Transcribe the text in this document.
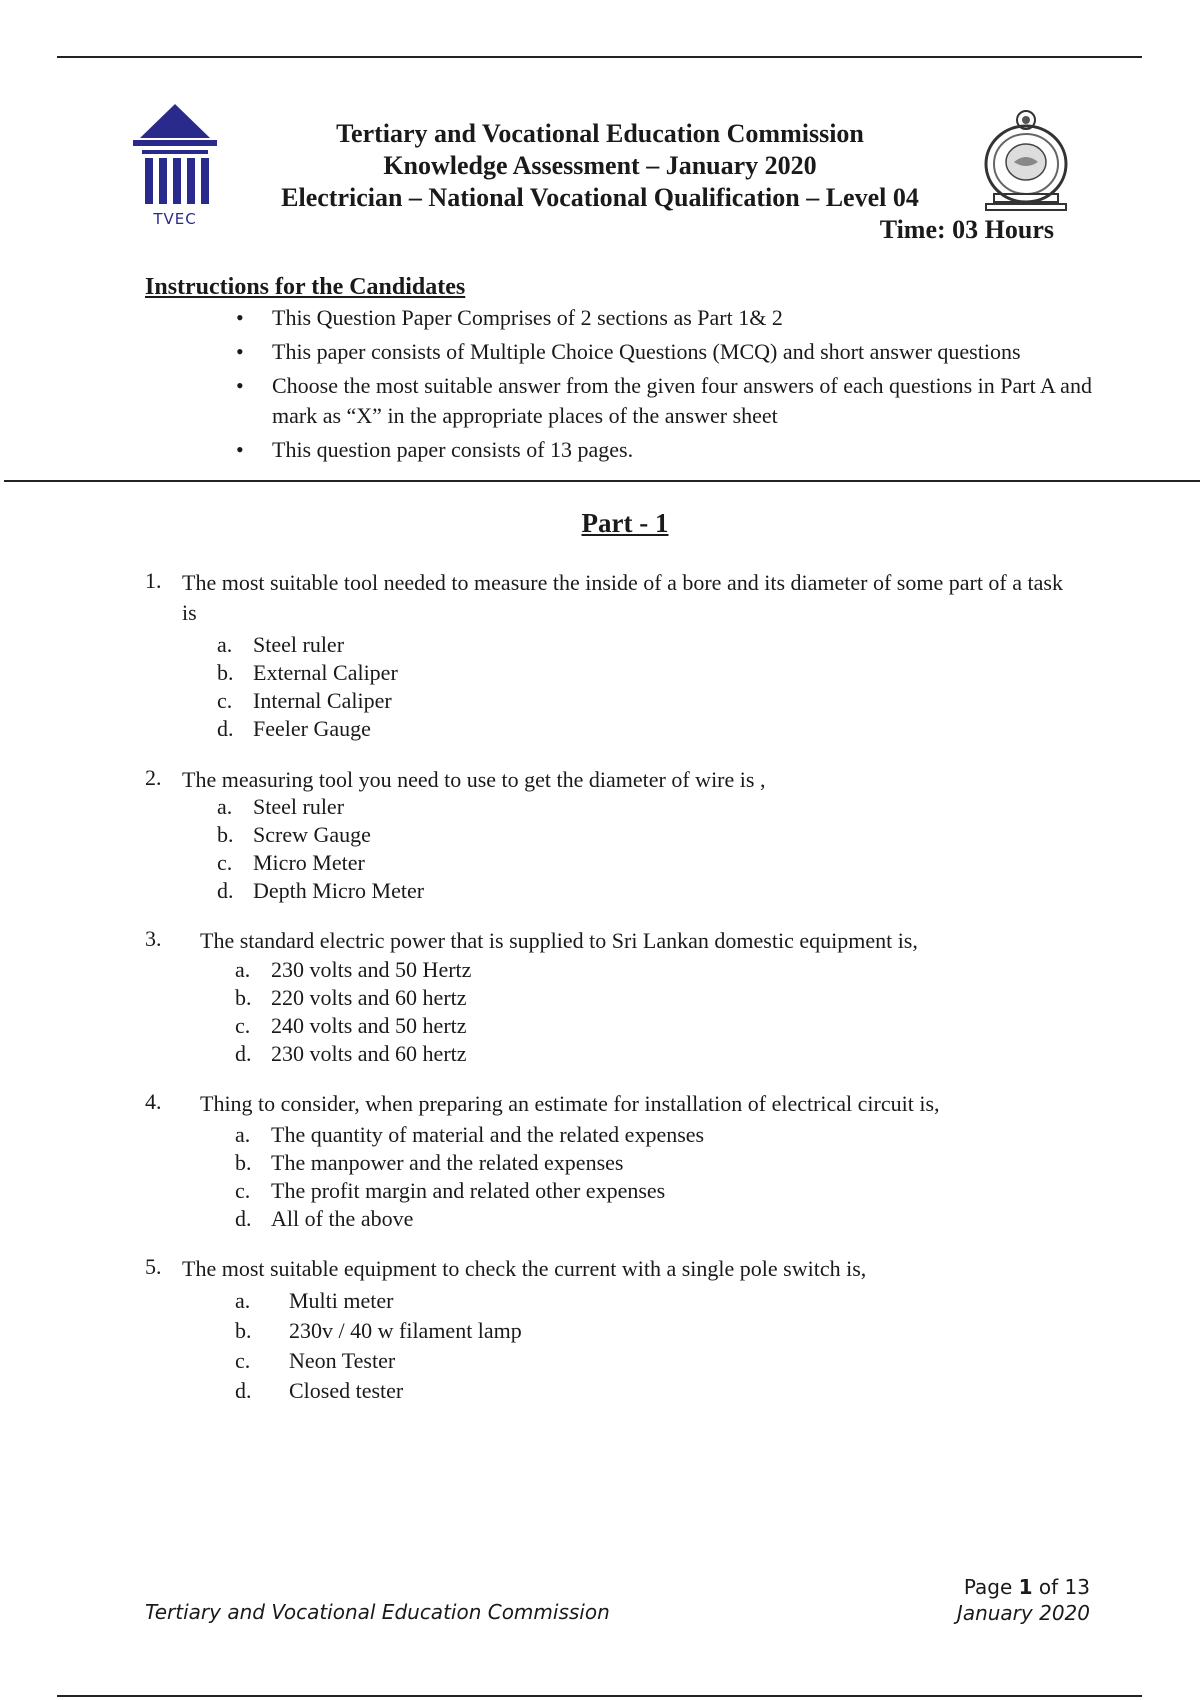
TVEC
Tertiary and Vocational Education Commission
Knowledge Assessment – January 2020
Electrician – National Vocational Qualification – Level 04
Time: 03 Hours
Instructions for the Candidates
• This Question Paper Comprises of 2 sections as Part 1& 2
• This paper consists of Multiple Choice Questions (MCQ) and short answer questions
• Choose the most suitable answer from the given four answers of each questions in Part A and mark as “X” in the appropriate places of the answer sheet
• This question paper consists of 13 pages.
Part - 1
1. The most suitable tool needed to measure the inside of a bore and its diameter of some part of a task is
a. Steel ruler
b. External Caliper
c. Internal Caliper
d. Feeler Gauge
2. The measuring tool you need to use to get the diameter of wire is ,
a. Steel ruler
b. Screw Gauge
c. Micro Meter
d. Depth Micro Meter
3.	The standard electric power that is supplied to Sri Lankan domestic equipment is,
a. 230 volts and 50 Hertz
b. 220 volts and 60 hertz
c. 240 volts and 50 hertz
d. 230 volts and 60 hertz
4.	Thing to consider, when preparing an estimate for installation of electrical circuit is,
a. The quantity of material and the related expenses
b. The manpower and the related expenses
c. The profit margin and related other expenses
d. All of the above
5. The most suitable equipment to check the current with a single pole switch is,
a. Multi meter
b. 230v / 40 w filament lamp
c. Neon Tester
d. Closed tester
Tertiary and Vocational Education Commission
Page 1 of 13
January 2020
